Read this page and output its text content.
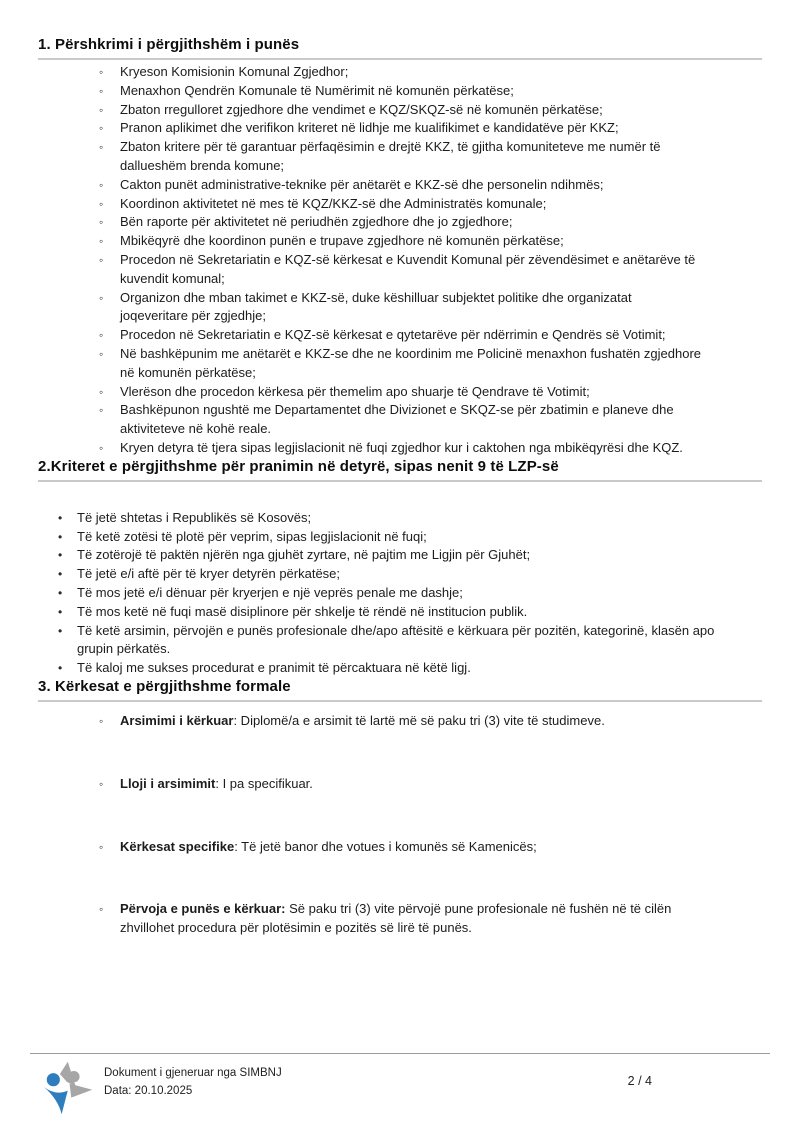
1. Përshkrimi i përgjithshëm i punës
◦ Kryeson Komisionin Komunal Zgjedhor;
◦ Menaxhon Qendrën Komunale të Numërimit në komunën përkatëse;
◦ Zbaton rregulloret zgjedhore dhe vendimet e KQZ/SKQZ-së në komunën përkatëse;
◦ Pranon aplikimet dhe verifikon kriteret në lidhje me kualifikimet e kandidatëve për KKZ;
◦ Zbaton kritere për të garantuar përfaqësimin e drejtë KKZ, të gjitha komuniteteve me numër të dallueshëm brenda komune;
◦ Cakton punët administrative-teknike për anëtarët e KKZ-së dhe personelin ndihmës;
◦ Koordinon aktivitetet në mes të KQZ/KKZ-së dhe Administratës komunale;
◦ Bën raporte për aktivitetet në periudhën zgjedhore dhe jo zgjedhore;
◦ Mbikëqyrë dhe koordinon punën e trupave zgjedhore në komunën përkatëse;
◦ Procedon në Sekretariatin e KQZ-së kërkesat e Kuvendit Komunal për zëvendësimet e anëtarëve të kuvendit komunal;
◦ Organizon dhe mban takimet e KKZ-së, duke këshilluar subjektet politike dhe organizatat joqeveritare për zgjedhje;
◦ Procedon në Sekretariatin e KQZ-së kërkesat e qytetarëve për ndërrimin e Qendrës së Votimit;
◦ Në bashkëpunim me anëtarët e KKZ-se dhe ne koordinim me Policinë menaxhon fushatën zgjedhore në komunën përkatëse;
◦ Vlerëson dhe procedon kërkesa për themelim apo shuarje të Qendrave të Votimit;
◦ Bashkëpunon ngushtë me Departamentet dhe Divizionet e SKQZ-se për zbatimin e planeve dhe aktiviteteve në kohë reale.
◦ Kryen detyra të tjera sipas legjislacionit në fuqi zgjedhor kur i caktohen nga mbikëqyrësi dhe KQZ.
2.Kriteret e përgjithshme për pranimin në detyrë, sipas nenit 9 të LZP-së
• Të jetë shtetas i Republikës së Kosovës;
• Të ketë zotësi të plotë për veprim, sipas legjislacionit në fuqi;
• Të zotërojë të paktën njërën nga gjuhët zyrtare, në pajtim me Ligjin për Gjuhët;
• Të jetë e/i aftë për të kryer detyrën përkatëse;
• Të mos jetë e/i dënuar për kryerjen e një veprës penale me dashje;
• Të mos ketë në fuqi masë disiplinore për shkelje të rëndë në institucion publik.
• Të ketë arsimin, përvojën e punës profesionale dhe/apo aftësitë e kërkuara për pozitën, kategorinë, klasën apo grupin përkatës.
• Të kaloj me sukses procedurat e pranimit të përcaktuara në këtë ligj.
3. Kërkesat e përgjithshme formale
◦ Arsimimi i kërkuar: Diplomë/a e arsimit të lartë më së paku tri (3) vite të studimeve.
◦ Lloji i arsimimit: I pa specifikuar.
◦ Kërkesat specifike: Të jetë banor dhe votues i komunës së Kamenicës;
◦ Përvoja e punës e kërkuar: Së paku tri (3) vite përvojë pune profesionale në fushën në të cilën zhvillohet procedura për plotësimin e pozitës së lirë të punës.
Dokument i gjeneruar nga SIMBNJ
Data: 20.10.2025
2 / 4
